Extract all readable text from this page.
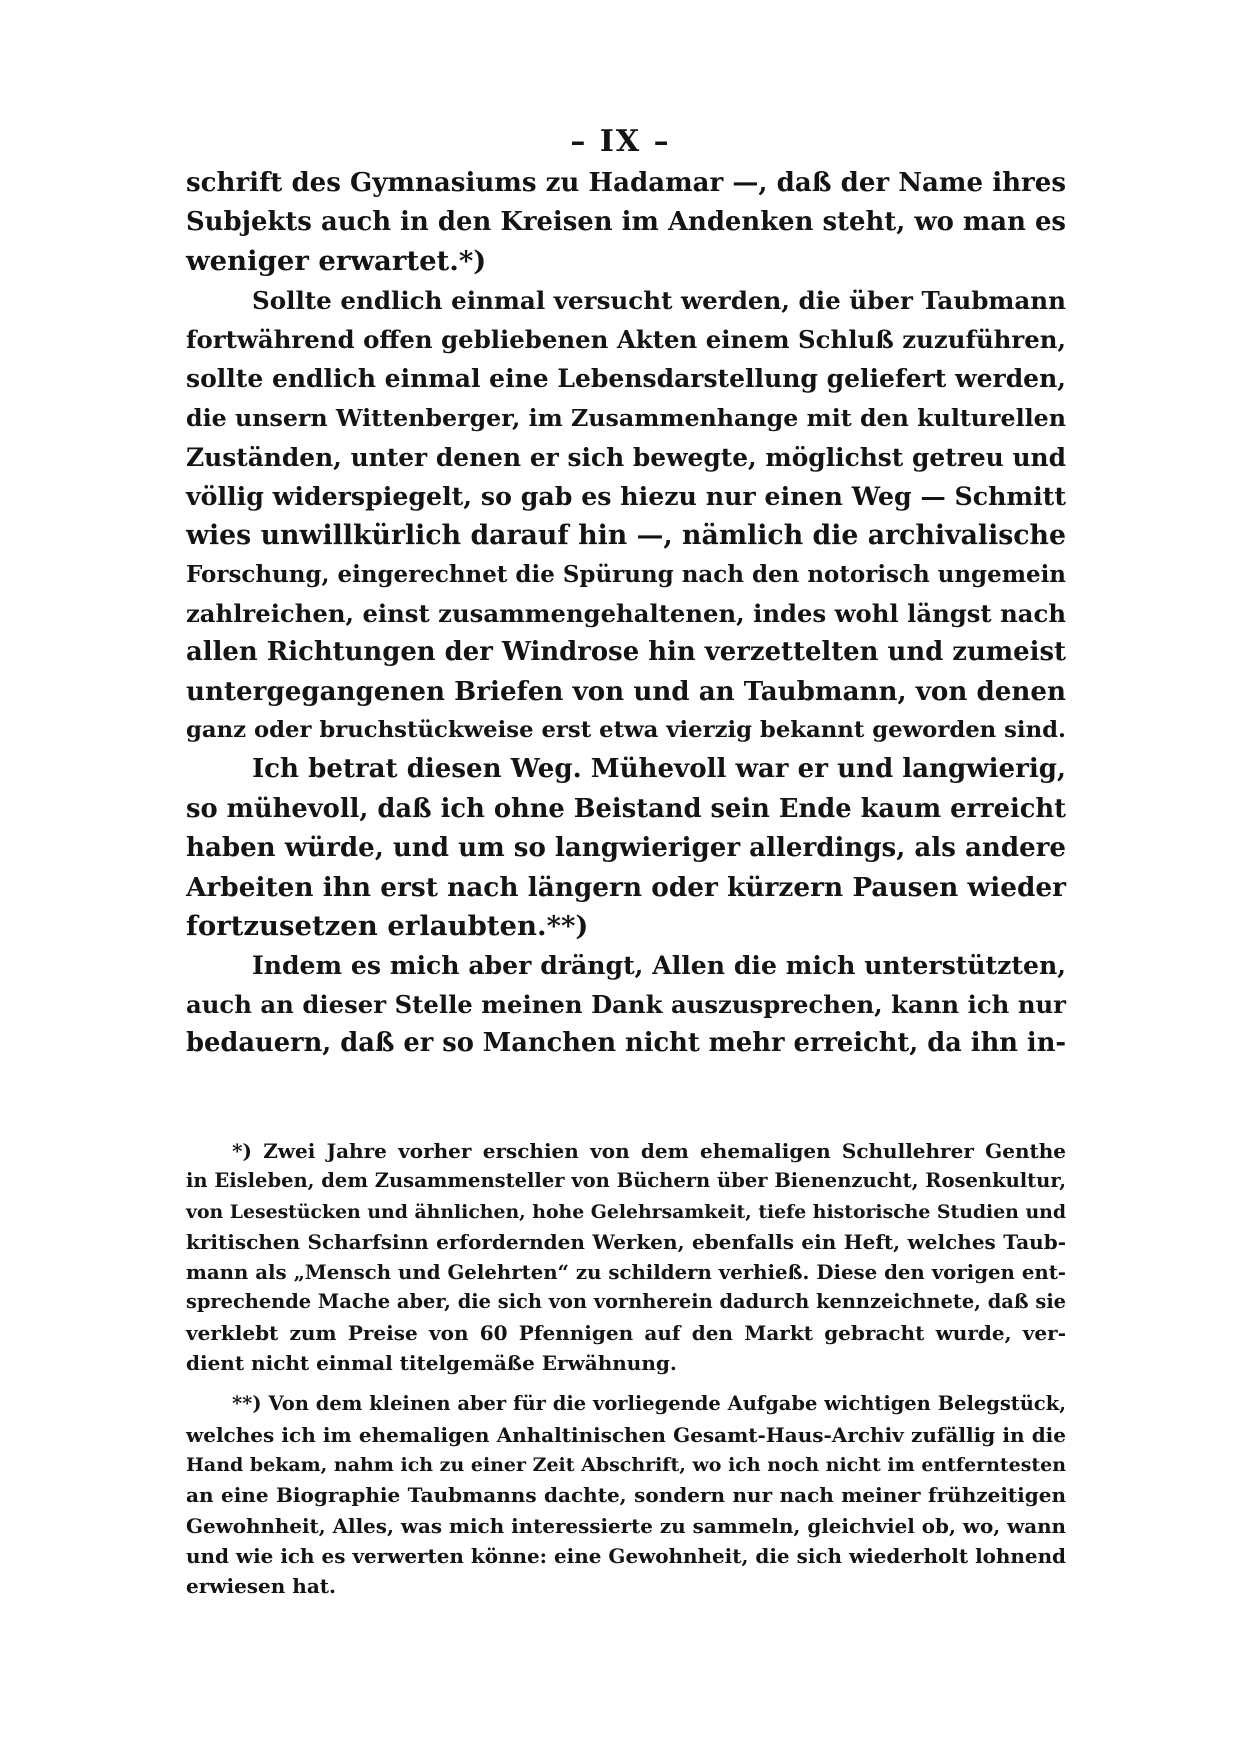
– IX –
schrift des Gymnasiums zu Hadamar —, daß der Name ihres
Subjekts auch in den Kreisen im Andenken steht, wo man es
weniger erwartet.*)
Sollte endlich einmal versucht werden, die über Taubmann
fortwährend offen gebliebenen Akten einem Schluß zuzuführen,
sollte endlich einmal eine Lebensdarstellung geliefert werden,
die unsern Wittenberger, im Zusammenhange mit den kulturellen
Zuständen, unter denen er sich bewegte, möglichst getreu und
völlig widerspiegelt, so gab es hiezu nur einen Weg — Schmitt
wies unwillkürlich darauf hin —, nämlich die archivalische
Forschung, eingerechnet die Spürung nach den notorisch ungemein
zahlreichen, einst zusammengehaltenen, indes wohl längst nach
allen Richtungen der Windrose hin verzettelten und zumeist
untergegangenen Briefen von und an Taubmann, von denen
ganz oder bruchstückweise erst etwa vierzig bekannt geworden sind.
Ich betrat diesen Weg. Mühevoll war er und langwierig,
so mühevoll, daß ich ohne Beistand sein Ende kaum erreicht
haben würde, und um so langwieriger allerdings, als andere
Arbeiten ihn erst nach längern oder kürzern Pausen wieder
fortzusetzen erlaubten.**)
Indem es mich aber drängt, Allen die mich unterstützten,
auch an dieser Stelle meinen Dank auszusprechen, kann ich nur
bedauern, daß er so Manchen nicht mehr erreicht, da ihn in-
*) Zwei Jahre vorher erschien von dem ehemaligen Schullehrer Genthe
in Eisleben, dem Zusammensteller von Büchern über Bienenzucht, Rosenkultur,
von Lesestücken und ähnlichen, hohe Gelehrsamkeit, tiefe historische Studien und
kritischen Scharfsinn erfordernden Werken, ebenfalls ein Heft, welches Taub-
mann als „Mensch und Gelehrten“ zu schildern verhieß. Diese den vorigen ent-
sprechende Mache aber, die sich von vornherein dadurch kennzeichnete, daß sie
verklebt zum Preise von 60 Pfennigen auf den Markt gebracht wurde, ver-
dient nicht einmal titelgemäße Erwähnung.
**) Von dem kleinen aber für die vorliegende Aufgabe wichtigen Belegstück,
welches ich im ehemaligen Anhaltinischen Gesamt-Haus-Archiv zufällig in die
Hand bekam, nahm ich zu einer Zeit Abschrift, wo ich noch nicht im entferntesten
an eine Biographie Taubmanns dachte, sondern nur nach meiner frühzeitigen
Gewohnheit, Alles, was mich interessierte zu sammeln, gleichviel ob, wo, wann
und wie ich es verwerten könne: eine Gewohnheit, die sich wiederholt lohnend
erwiesen hat.
